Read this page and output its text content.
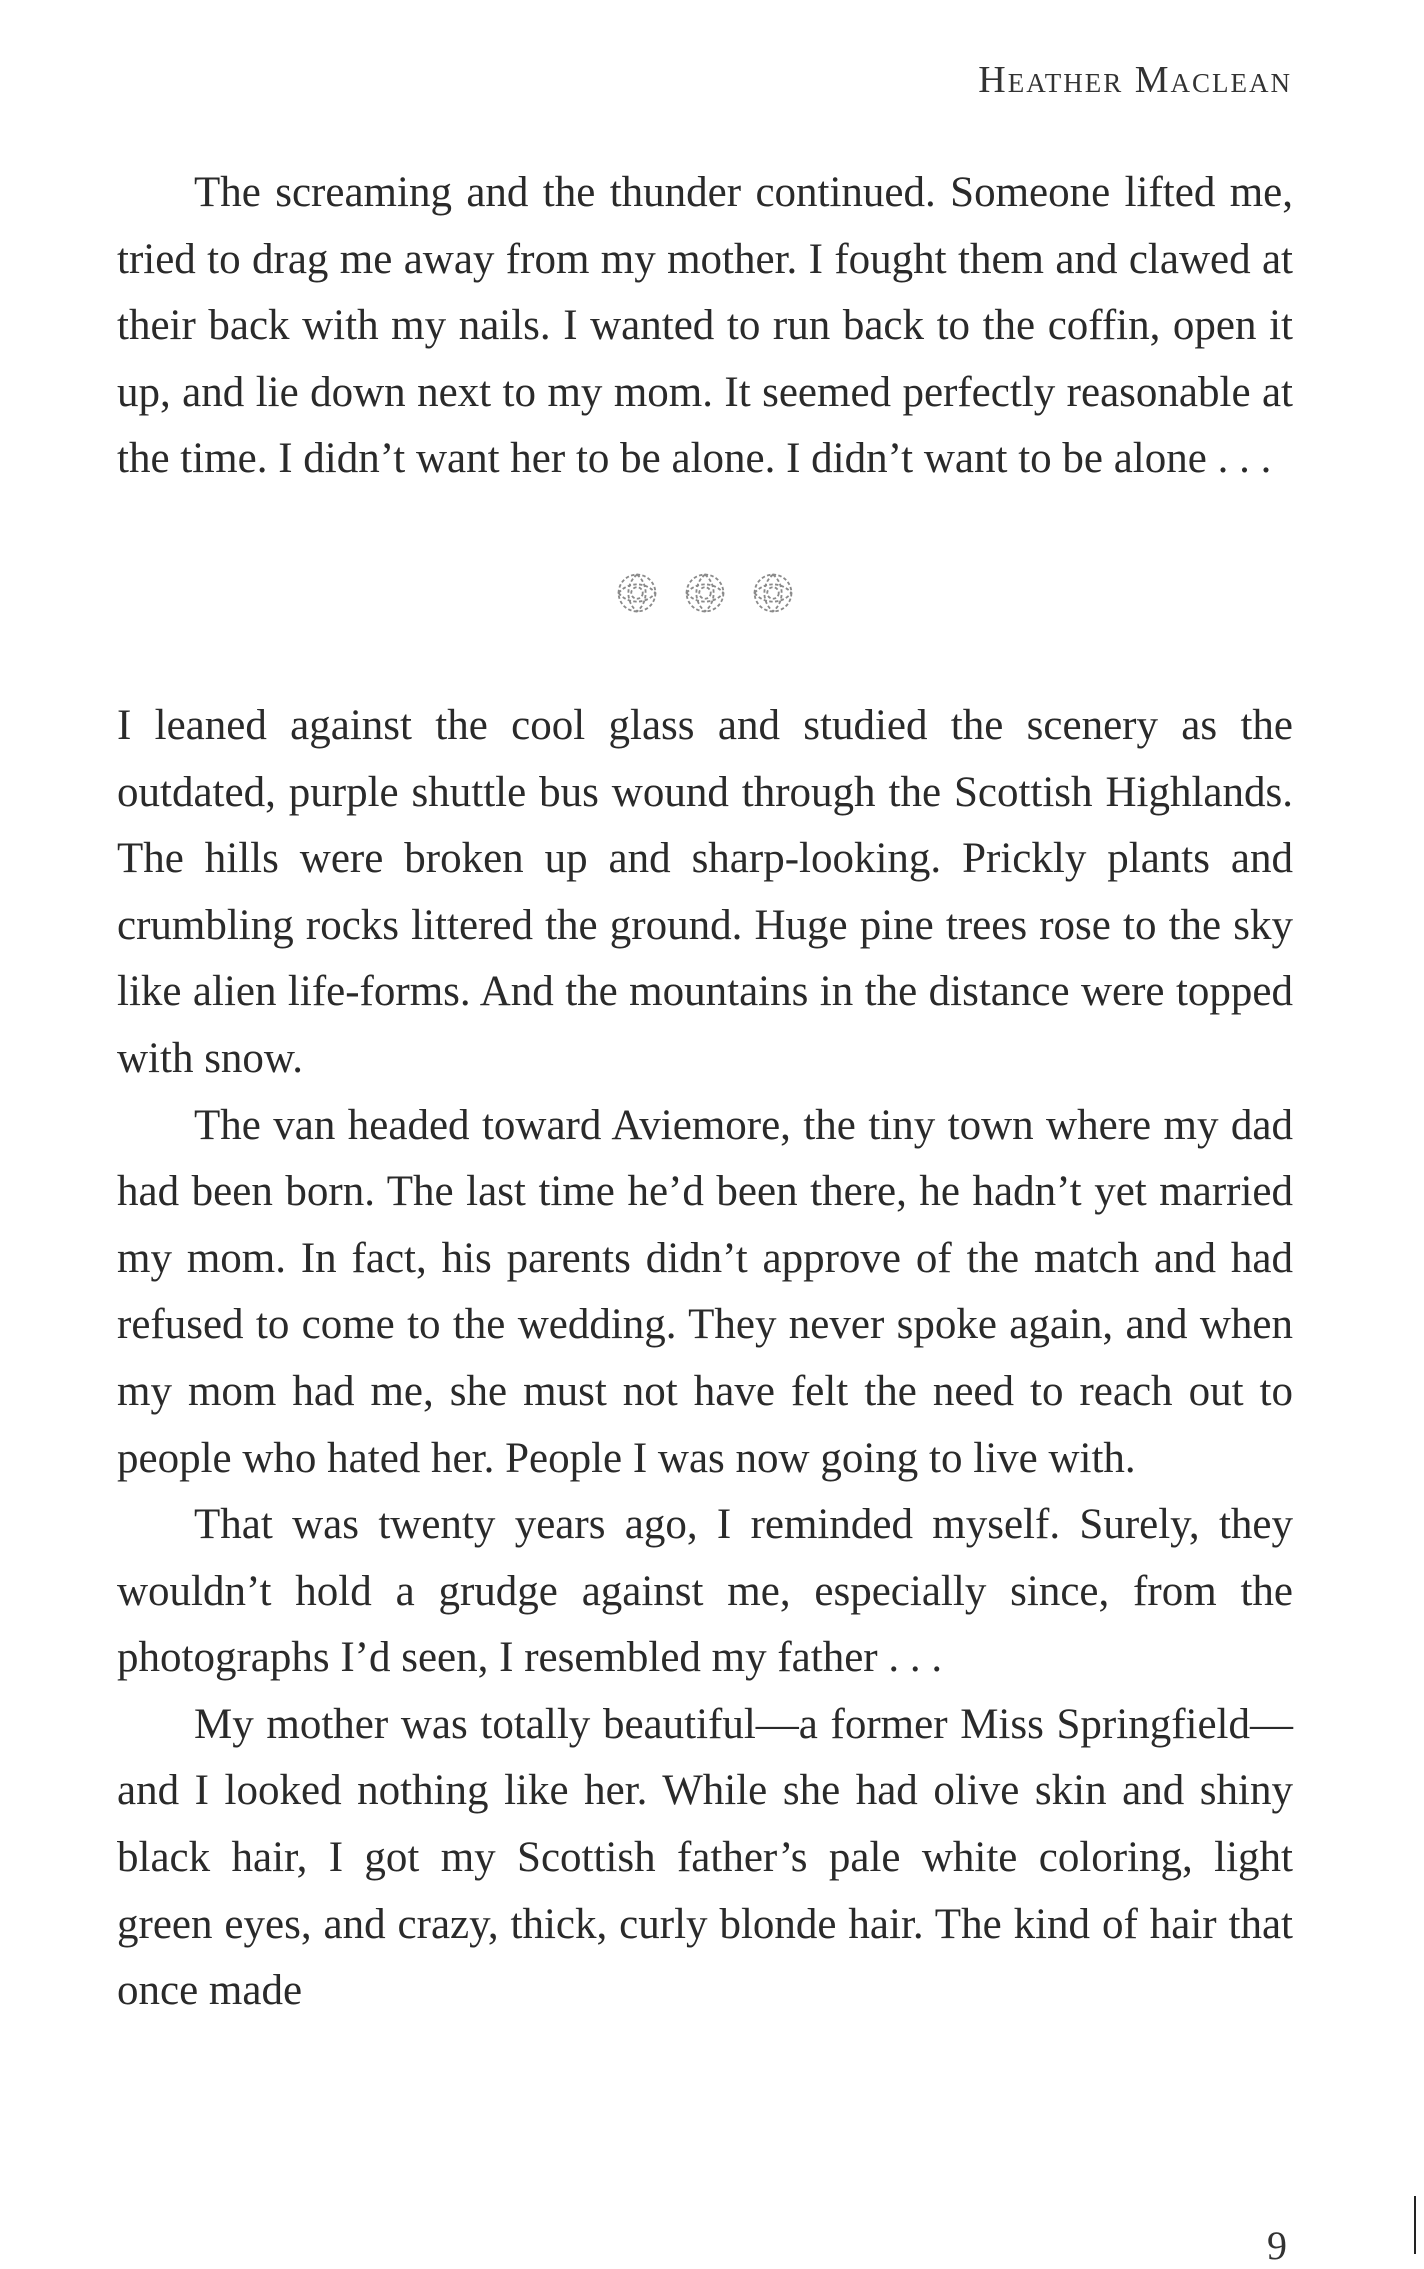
Heather Maclean

The screaming and the thunder continued. Someone lifted me, tried to drag me away from my mother. I fought them and clawed at their back with my nails. I wanted to run back to the coffin, open it up, and lie down next to my mom. It seemed perfectly reasonable at the time. I didn’t want her to be alone. I didn’t want to be alone . . .

I leaned against the cool glass and studied the scenery as the outdated, purple shuttle bus wound through the Scottish Highlands. The hills were broken up and sharp-looking. Prickly plants and crumbling rocks littered the ground. Huge pine trees rose to the sky like alien life-forms. And the mountains in the distance were topped with snow.

The van headed toward Aviemore, the tiny town where my dad had been born. The last time he’d been there, he hadn’t yet married my mom. In fact, his parents didn’t approve of the match and had refused to come to the wedding. They never spoke again, and when my mom had me, she must not have felt the need to reach out to people who hated her. People I was now going to live with.

That was twenty years ago, I reminded myself. Surely, they wouldn’t hold a grudge against me, especially since, from the photographs I’d seen, I resembled my father . . .

My mother was totally beautiful—a former Miss Springfield—and I looked nothing like her. While she had olive skin and shiny black hair, I got my Scottish father’s pale white coloring, light green eyes, and crazy, thick, curly blonde hair. The kind of hair that once made

9
